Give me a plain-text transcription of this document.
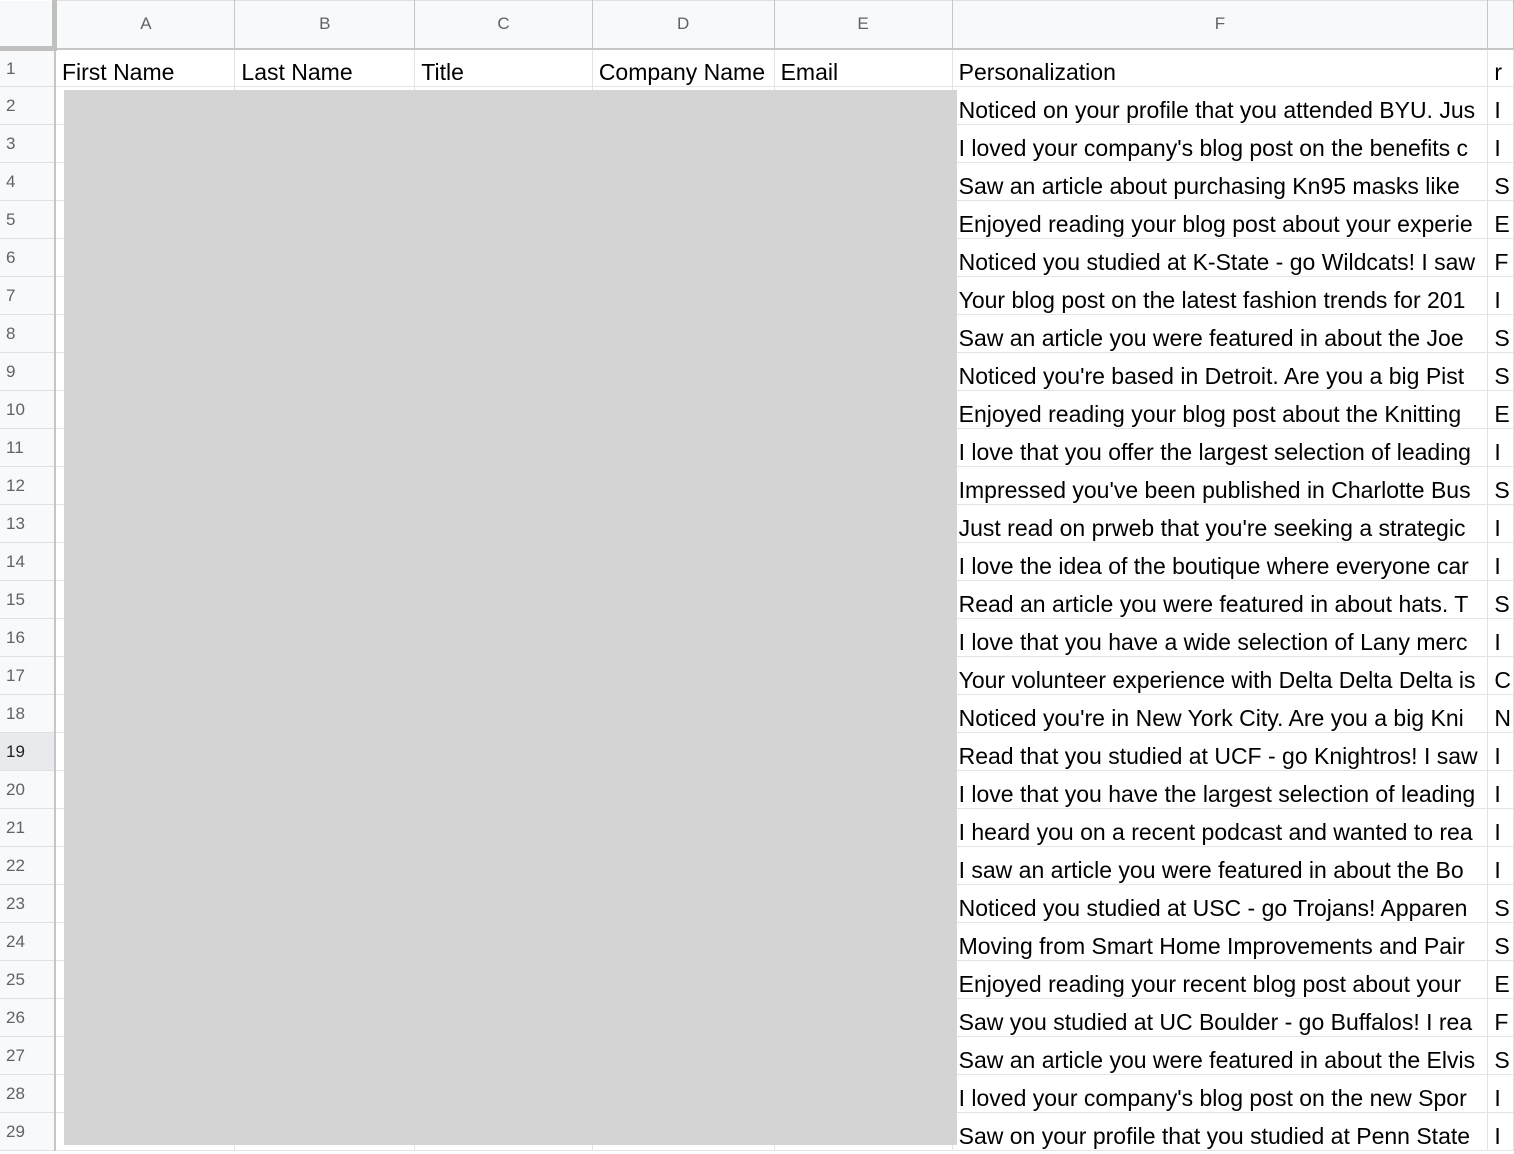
	A	B	C	D	E	F	
1	First Name	Last Name	Title	Company Name	Email	Personalization	r
2						Noticed on your profile that you attended BYU. Jus	I
3						I loved your company's blog post on the benefits c	I
4						Saw an article about purchasing Kn95 masks like	S
5						Enjoyed reading your blog post about your experie	E
6						Noticed you studied at K-State - go Wildcats! I saw	F
7						Your blog post on the latest fashion trends for 201	I
8						Saw an article you were featured in about the Joe	S
9						Noticed you're based in Detroit. Are you a big Pist	S
10						Enjoyed reading your blog post about the Knitting	E
11						I love that you offer the largest selection of leading	I
12						Impressed you've been published in Charlotte Bus	S
13						Just read on prweb that you're seeking a strategic	I
14						I love the idea of the boutique where everyone car	I
15						Read an article you were featured in about hats. T	S
16						I love that you have a wide selection of Lany merc	I
17						Your volunteer experience with Delta Delta Delta is	C
18						Noticed you're in New York City. Are you a big Kni	N
19						Read that you studied at UCF - go Knightros! I saw	I
20						I love that you have the largest selection of leading	I
21						I heard you on a recent podcast and wanted to rea	I
22						I saw an article you were featured in about the Bo	I
23						Noticed you studied at USC - go Trojans! Apparen	S
24						Moving from Smart Home Improvements and Pair	S
25						Enjoyed reading your recent blog post about your	E
26						Saw you studied at UC Boulder - go Buffalos! I rea	F
27						Saw an article you were featured in about the Elvis	S
28						I loved your company's blog post on the new Spor	I
29						Saw on your profile that you studied at Penn State	I
